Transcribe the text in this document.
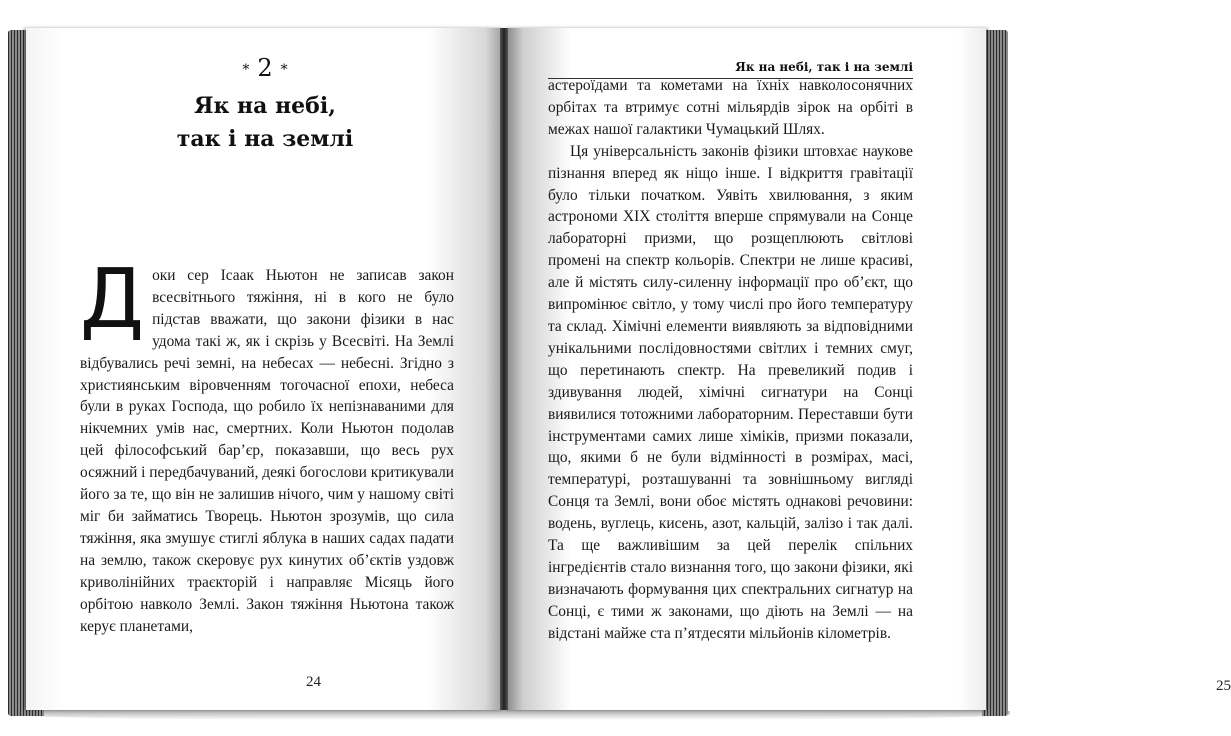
* 2 *
Як на небі,
так і на землі
24	25

Доки сер Ісаак Ньютон не записав закон всесвітнього тяжіння, ні в кого не було підстав вважати, що закони фізики в нас удома такі ж, як і скрізь у Всесвіті. На Землі відбувались речі земні, на небесах — небесні. Згідно з християнським віровченням тогочасної епохи, небеса були в руках Господа, що робило їх непізнаваними для нікчемних умів нас, смертних. Коли Ньютон подолав цей філософський бар’єр, показавши, що весь рух осяжний і передбачуваний, деякі богослови критикували його за те, що він не залишив нічого, чим у нашому світі міг би займатись Творець. Ньютон зрозумів, що сила тяжіння, яка змушує стиглі яблука в наших садах падати на землю, також скеровує рух кинутих об’єктів уздовж криволінійних траєкторій і направляє Місяць його орбітою навколо Землі. Закон тяжіння Ньютона також керує планетами,

Як на небі, так і на землі

астероїдами та кометами на їхніх навколосонячних орбітах та втримує сотні мільярдів зірок на орбіті в межах нашої галактики Чумацький Шлях.

Ця універсальність законів фізики штовхає наукове пізнання вперед як ніщо інше. І відкриття гравітації було тільки початком. Уявіть хвилювання, з яким астрономи XIX століття вперше спрямували на Сонце лабораторні призми, що розщеплюють світлові промені на спектр кольорів. Спектри не лише красиві, але й містять силу-силенну інформації про об’єкт, що випромінює світло, у тому числі про його температуру та склад. Хімічні елементи виявляють за відповідними унікальними послідовностями світлих і темних смуг, що перетинають спектр. На превеликий подив і здивування людей, хімічні сигнатури на Сонці виявилися тотожними лабораторним. Переставши бути інструментами самих лише хіміків, призми показали, що, якими б не були відмінності в розмірах, масі, температурі, розташуванні та зовнішньому вигляді Сонця та Землі, вони обоє містять однакові речовини: водень, вуглець, кисень, азот, кальцій, залізо і так далі. Та ще важливішим за цей перелік спільних інгредієнтів стало визнання того, що закони фізики, які визначають формування цих спектральних сигнатур на Сонці, є тими ж законами, що діють на Землі — на відстані майже ста п’ятдесяти мільйонів кілометрів.
